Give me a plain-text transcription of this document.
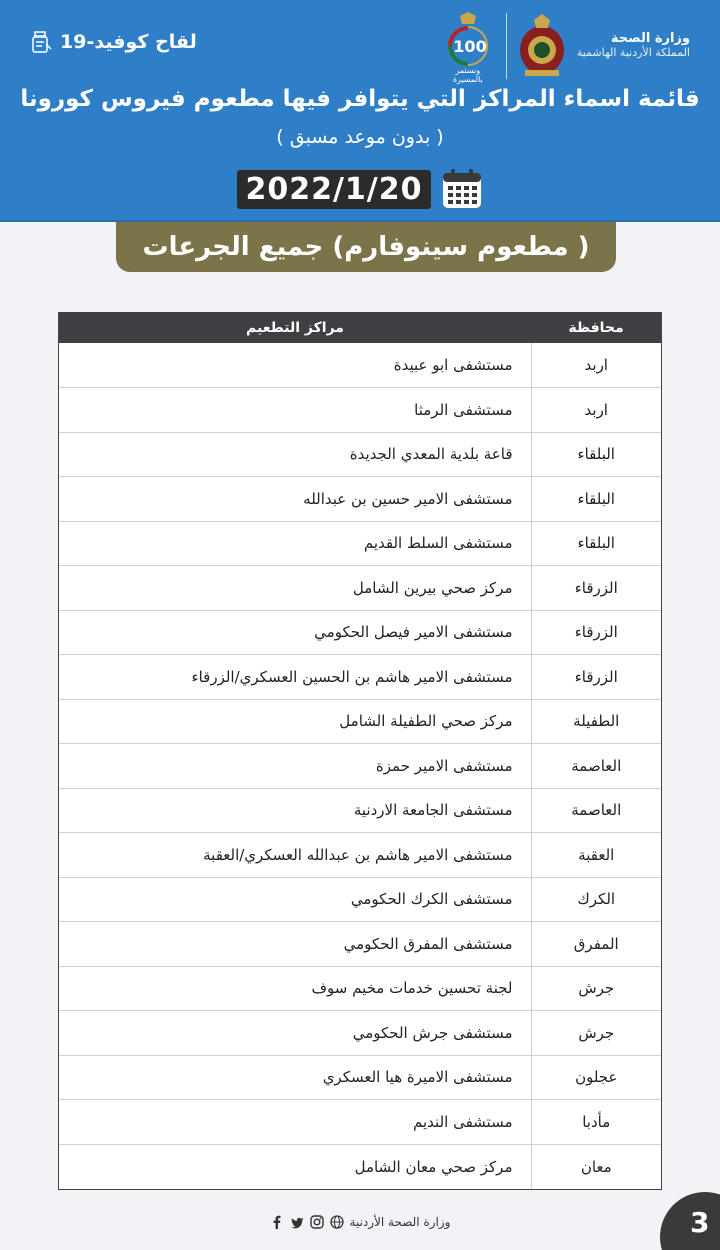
وزارة الصحة
المملكة الأردنية الهاشمية
100
ونستمر بالمسيرة
لقاح كوفيد-19
قائمة اسماء المراكز التي يتوافر فيها مطعوم فيروس كورونا
( بدون موعد مسبق )
2022/1/20
( مطعوم سينوفارم) جميع الجرعات
محافظة	مراكز التطعيم
اربد	مستشفى ابو عبيدة
اربد	مستشفى الرمثا
البلقاء	قاعة بلدية المعدي الجديدة
البلقاء	مستشفى الامير حسين بن عبدالله
البلقاء	مستشفى السلط القديم
الزرقاء	مركز صحي بيرين الشامل
الزرقاء	مستشفى الامير فيصل الحكومي
الزرقاء	مستشفى الامير هاشم بن الحسين العسكري/الزرقاء
الطفيلة	مركز صحي الطفيلة الشامل
العاصمة	مستشفى الامير حمزة
العاصمة	مستشفى الجامعة الاردنية
العقبة	مستشفى الامير هاشم بن عبدالله العسكري/العقبة
الكرك	مستشفى الكرك الحكومي
المفرق	مستشفى المفرق الحكومي
جرش	لجنة تحسين خدمات مخيم سوف
جرش	مستشفى جرش الحكومي
عجلون	مستشفى الاميرة هيا العسكري
مأدبا	مستشفى النديم
معان	مركز صحي معان الشامل
وزارة الصحة الأردنية	3
